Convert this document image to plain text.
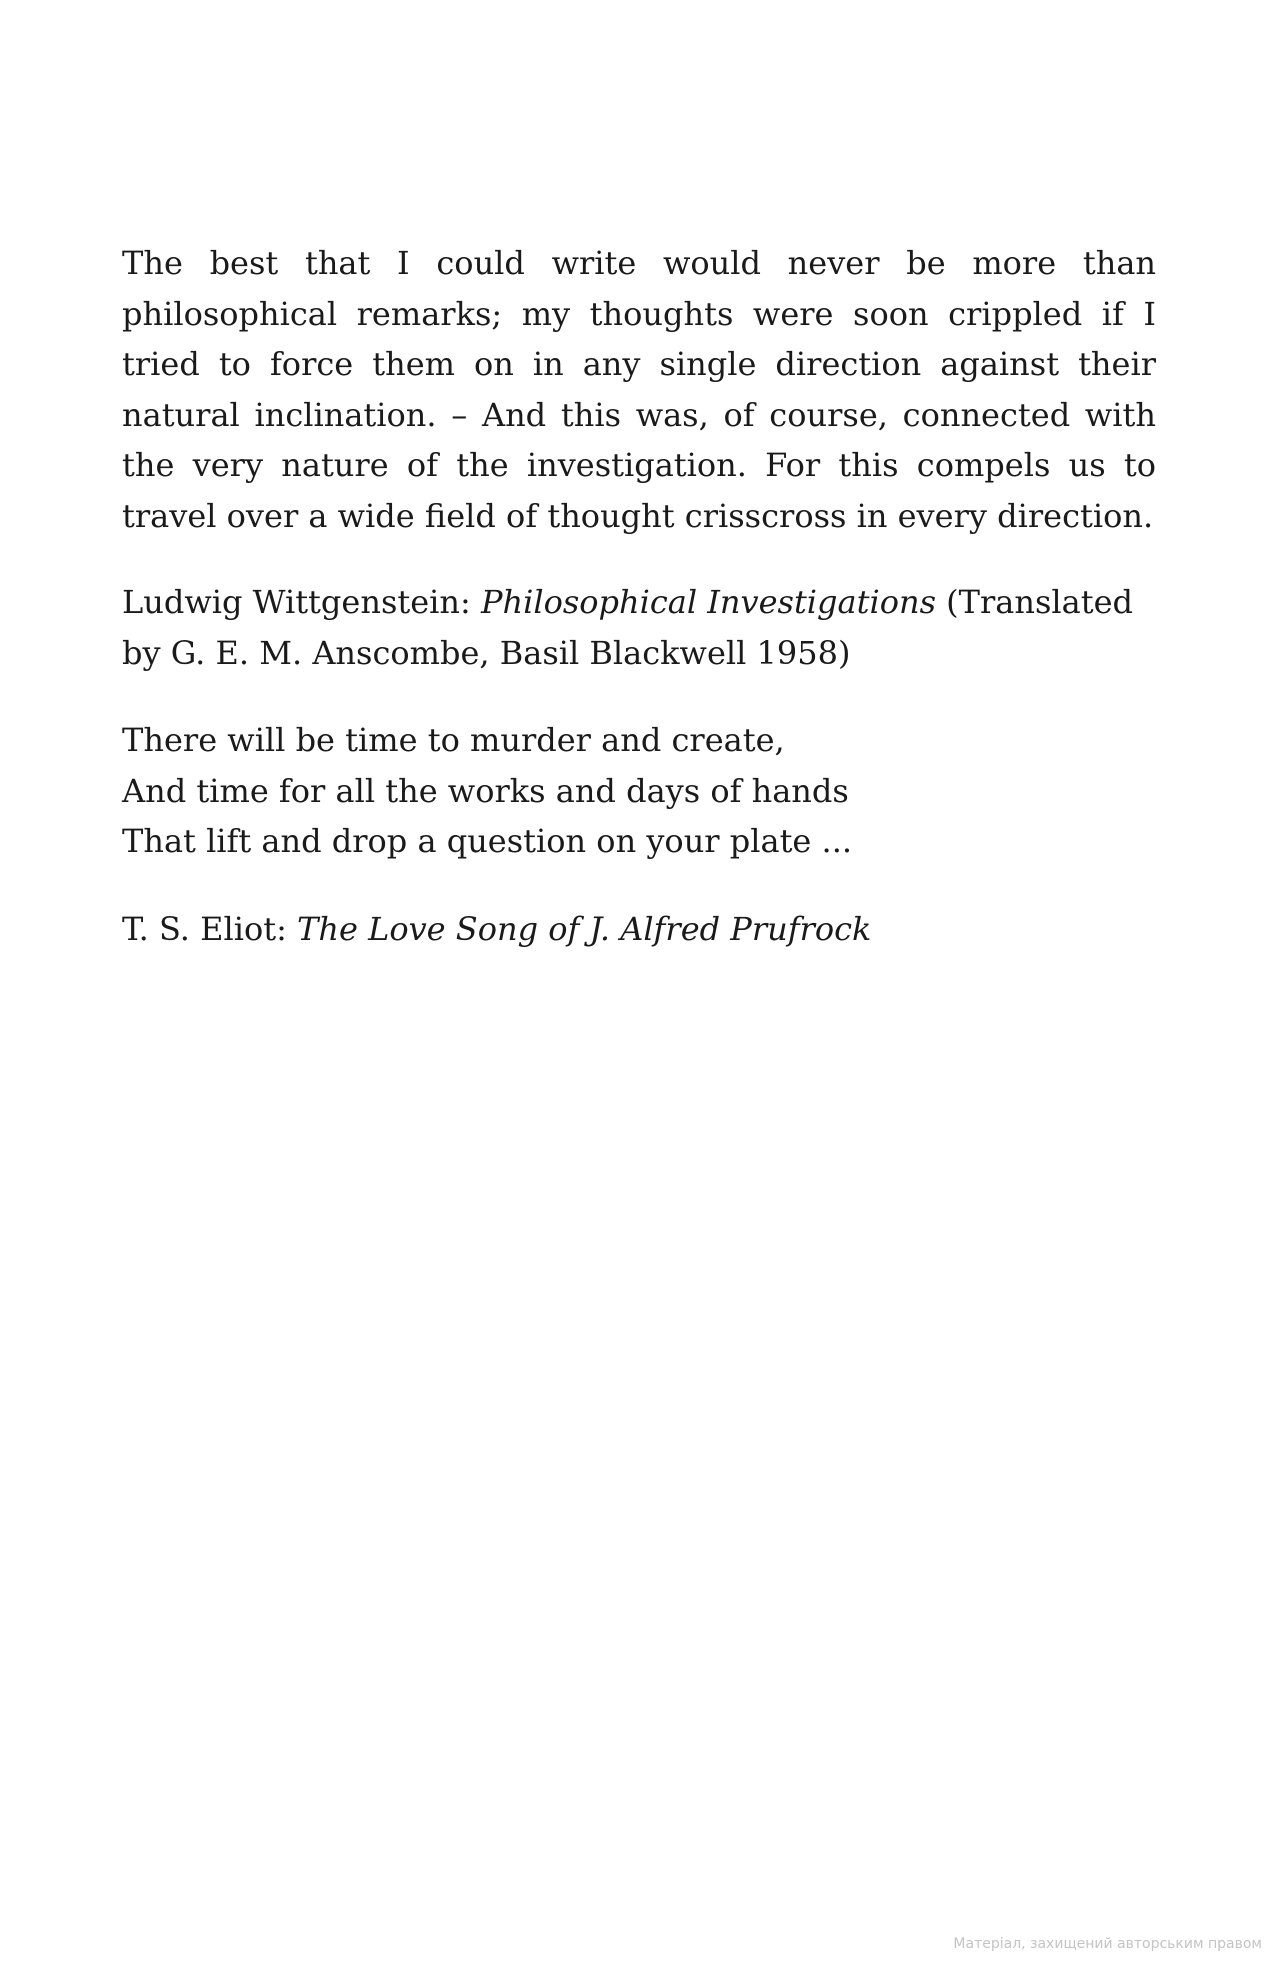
The best that I could write would never be more than philosophical remarks; my thoughts were soon crippled if I tried to force them on in any single direction against their natural inclination. – And this was, of course, connected with the very nature of the investigation. For this compels us to travel over a wide field of thought crisscross in every direction.

Ludwig Wittgenstein: Philosophical Investigations (Translated by G. E. M. Anscombe, Basil Blackwell 1958)

There will be time to murder and create,
And time for all the works and days of hands
That lift and drop a question on your plate ...

T. S. Eliot: The Love Song of J. Alfred Prufrock

Матеріал, захищений авторським правом
